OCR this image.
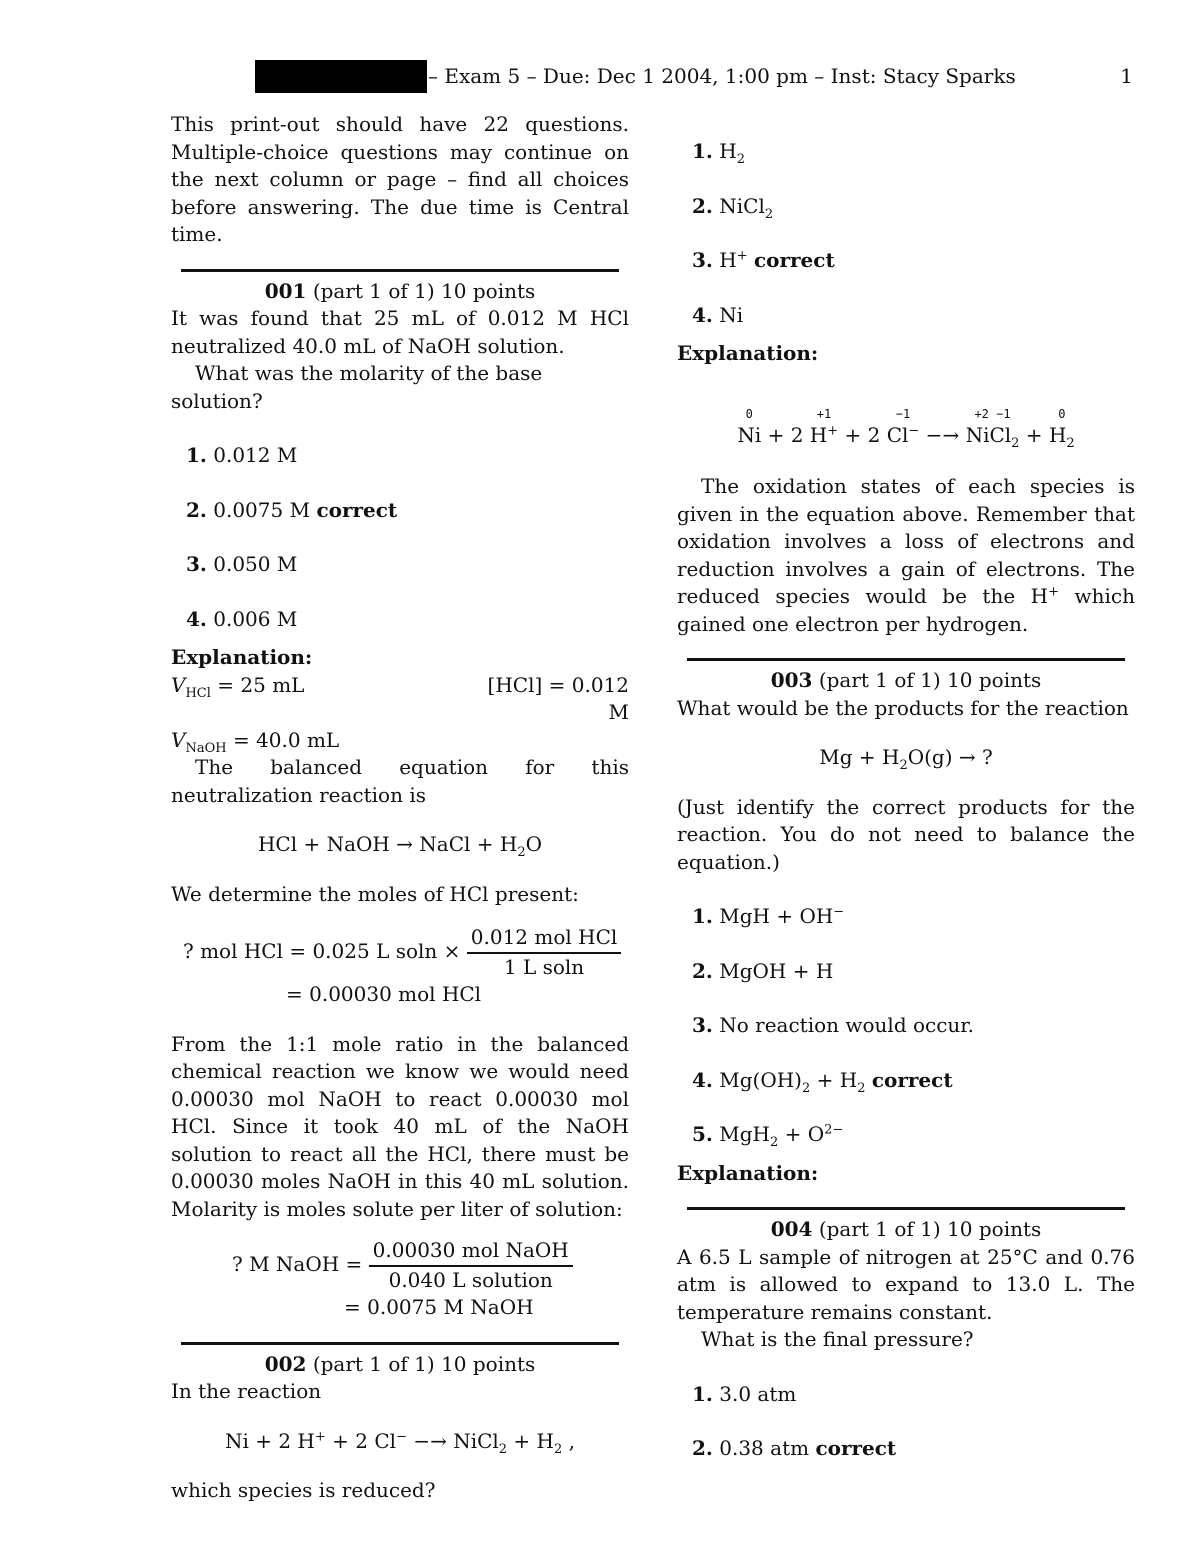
– Exam 5 – Due: Dec 1 2004, 1:00 pm – Inst: Stacy Sparks	1

This print-out should have 22 questions. Multiple-choice questions may continue on the next column or page – find all choices before answering. The due time is Central time.

001 (part 1 of 1) 10 points

It was found that 25 mL of 0.012 M HCl neutralized 40.0 mL of NaOH solution.

What was the molarity of the base solution?

1. 0.012 M

2. 0.0075 M correct

3. 0.050 M

4. 0.006 M

Explanation:

$V_{HCl} = 25$ mL	[HCl] = 0.012 M

$V_{NaOH} = 40.0$ mL

The balanced equation for this neutralization reaction is

HCl + NaOH → NaCl + $H_2O$

We determine the moles of HCl present:

? mol HCl = 0.025 L $soln \times \frac{\text{0.012 mol HCl}}{\text{1 L soln}}$

= 0.00030 mol HCl

From the 1:1 mole ratio in the balanced chemical reaction we know we would need 0.00030 mol NaOH to react 0.00030 mol HCl. Since it took 40 mL of the NaOH solution to react all the HCl, there must be 0.00030 moles NaOH in this 40 mL solution. Molarity is moles solute per liter of solution:

? M NaOH = $\frac{\text{0.00030 mol NaOH}}{\text{0.040 L solution}}$

= 0.0075 M NaOH

002 (part 1 of 1) 10 points

In the reaction

Ni + 2 H+ + 2 Cl− −→ NiCl$_2$ + $H_2$ ,

which species is reduced?

1. $H_2$

2. NiCl$_2$

3. H+ correct

4. Ni

Explanation:

Ni
0
+ 2 H+
+1
+ 2 Cl−
−1
−→ NiCl$_2$
+2 −1
+ $H_2$
0

The oxidation states of each species is given in the equation above. Remember that oxidation involves a loss of electrons and reduction involves a gain of electrons. The reduced species would be the H+ which gained one electron per hydrogen.

003 (part 1 of 1) 10 points

What would be the products for the reaction

$Mg + H_2O(g)$ → ?

(Just identify the correct products for the reaction. You do not need to balance the equation.)

1. MgH + OH−

2. MgOH + H

3. No reaction would occur.

4. $Mg(OH)_2 + H_2$ correct

5. $MgH_2 + O^{2-}$

Explanation:

004 (part 1 of 1) 10 points

A 6.5 L sample of nitrogen at 25°C and 0.76 atm is allowed to expand to 13.0 L. The temperature remains constant.

What is the final pressure?

1. 3.0 atm

2. 0.38 atm correct
